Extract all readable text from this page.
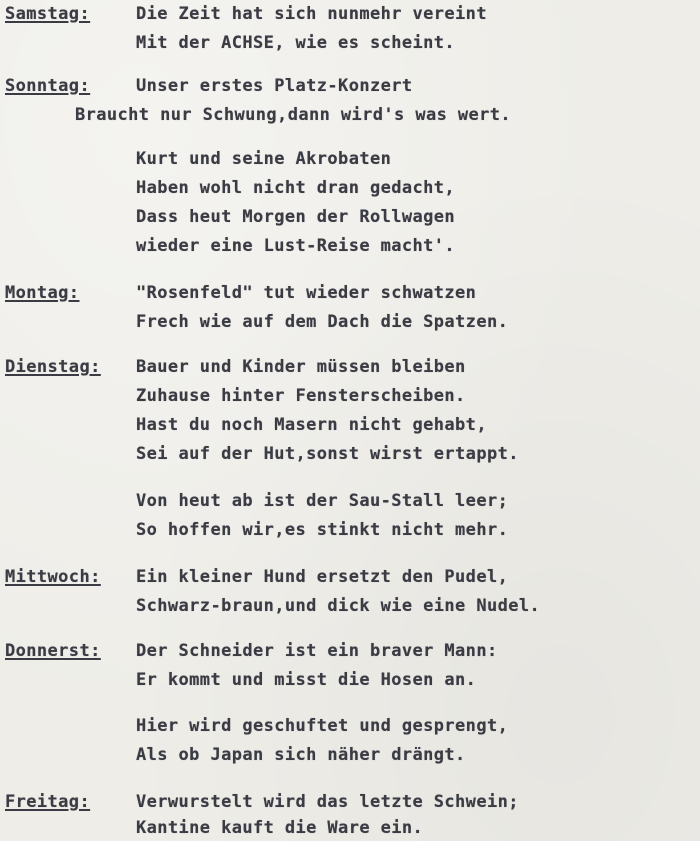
Samstag:	Die Zeit hat sich nunmehr vereint
Mit der ACHSE, wie es scheint.
Sonntag:	Unser erstes Platz-Konzert
Braucht nur Schwung,dann wird's was wert.
Kurt und seine Akrobaten
Haben wohl nicht dran gedacht,
Dass heut Morgen der Rollwagen
wieder eine Lust-Reise macht'.
Montag:	"Rosenfeld" tut wieder schwatzen
Frech wie auf dem Dach die Spatzen.
Dienstag: Bauer und Kinder müssen bleiben
Zuhause hinter Fensterscheiben.
Hast du noch Masern nicht gehabt,
Sei auf der Hut,sonst wirst ertappt.
Von heut ab ist der Sau-Stall leer;
So hoffen wir,es stinkt nicht mehr.
Mittwoch: Ein kleiner Hund ersetzt den Pudel,
Schwarz-braun,und dick wie eine Nudel.
Donnerst: Der Schneider ist ein braver Mann:
Er kommt und misst die Hosen an.
Hier wird geschuftet und gesprengt,
Als ob Japan sich näher drängt.
Freitag:	Verwurstelt wird das letzte Schwein;
Kantine kauft die Ware ein.
